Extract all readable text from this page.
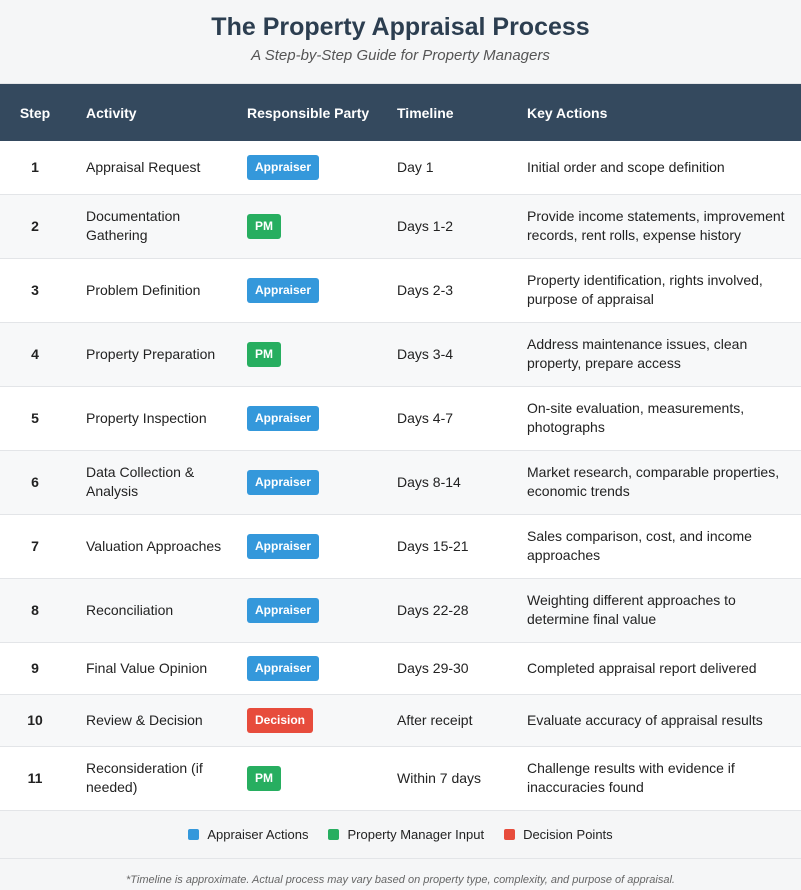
The Property Appraisal Process
A Step-by-Step Guide for Property Managers
Step	Activity	Responsible Party	Timeline	Key Actions
1	Appraisal Request	Appraiser	Day 1	Initial order and scope definition
2	Documentation Gathering	PM	Days 1-2	Provide income statements, improvement records, rent rolls, expense history
3	Problem Definition	Appraiser	Days 2-3	Property identification, rights involved, purpose of appraisal
4	Property Preparation	PM	Days 3-4	Address maintenance issues, clean property, prepare access
5	Property Inspection	Appraiser	Days 4-7	On-site evaluation, measurements, photographs
6	Data Collection & Analysis	Appraiser	Days 8-14	Market research, comparable properties, economic trends
7	Valuation Approaches	Appraiser	Days 15-21	Sales comparison, cost, and income approaches
8	Reconciliation	Appraiser	Days 22-28	Weighting different approaches to determine final value
9	Final Value Opinion	Appraiser	Days 29-30	Completed appraisal report delivered
10	Review & Decision	Decision	After receipt	Evaluate accuracy of appraisal results
11	Reconsideration (if needed)	PM	Within 7 days	Challenge results with evidence if inaccuracies found
Appraiser Actions	Property Manager Input	Decision Points
*Timeline is approximate. Actual process may vary based on property type, complexity, and purpose of appraisal.
